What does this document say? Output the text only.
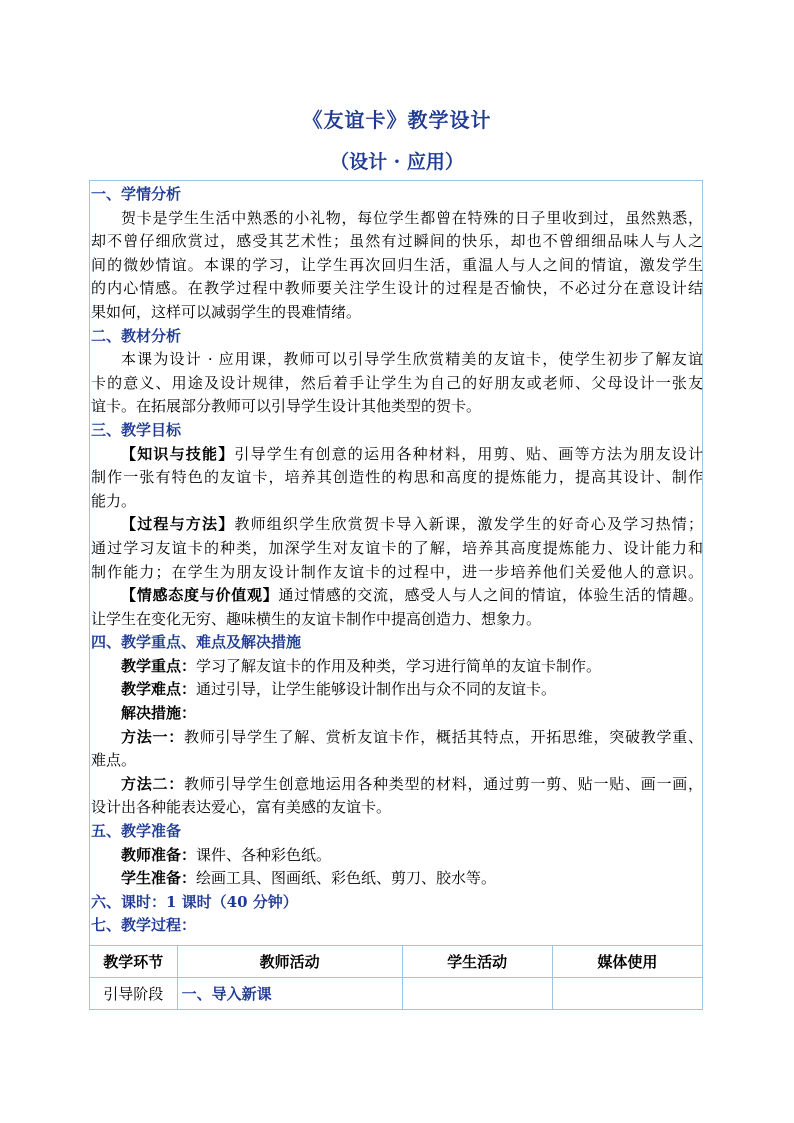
《友谊卡》教学设计
（设计 · 应用）
一、学情分析
贺卡是学生生活中熟悉的小礼物，每位学生都曾在特殊的日子里收到过，虽然熟悉，
却不曾仔细欣赏过，感受其艺术性；虽然有过瞬间的快乐，却也不曾细细品味人与人之
间的微妙情谊。本课的学习，让学生再次回归生活，重温人与人之间的情谊，激发学生
的内心情感。在教学过程中教师要关注学生设计的过程是否愉快，不必过分在意设计结
果如何，这样可以减弱学生的畏难情绪。
二、教材分析
本课为设计 · 应用课，教师可以引导学生欣赏精美的友谊卡，使学生初步了解友谊
卡的意义、用途及设计规律，然后着手让学生为自己的好朋友或老师、父母设计一张友
谊卡。在拓展部分教师可以引导学生设计其他类型的贺卡。
三、教学目标
【知识与技能】引导学生有创意的运用各种材料，用剪、贴、画等方法为朋友设计
制作一张有特色的友谊卡，培养其创造性的构思和高度的提炼能力，提高其设计、制作
能力。
【过程与方法】教师组织学生欣赏贺卡导入新课，激发学生的好奇心及学习热情；
通过学习友谊卡的种类，加深学生对友谊卡的了解，培养其高度提炼能力、设计能力和
制作能力；在学生为朋友设计制作友谊卡的过程中，进一步培养他们关爱他人的意识。
【情感态度与价值观】通过情感的交流，感受人与人之间的情谊，体验生活的情趣。
让学生在变化无穷、趣味横生的友谊卡制作中提高创造力、想象力。
四、教学重点、难点及解决措施
教学重点：学习了解友谊卡的作用及种类，学习进行简单的友谊卡制作。
教学难点：通过引导，让学生能够设计制作出与众不同的友谊卡。
解决措施：
方法一：教师引导学生了解、赏析友谊卡作，概括其特点，开拓思维，突破教学重、
难点。
方法二：教师引导学生创意地运用各种类型的材料，通过剪一剪、贴一贴、画一画，
设计出各种能表达爱心，富有美感的友谊卡。
五、教学准备
教师准备：课件、各种彩色纸。
学生准备：绘画工具、图画纸、彩色纸、剪刀、胶水等。
六、课时：1 课时（40 分钟）
七、教学过程：
教学环节	教师活动	学生活动	媒体使用
引导阶段	一、导入新课		
